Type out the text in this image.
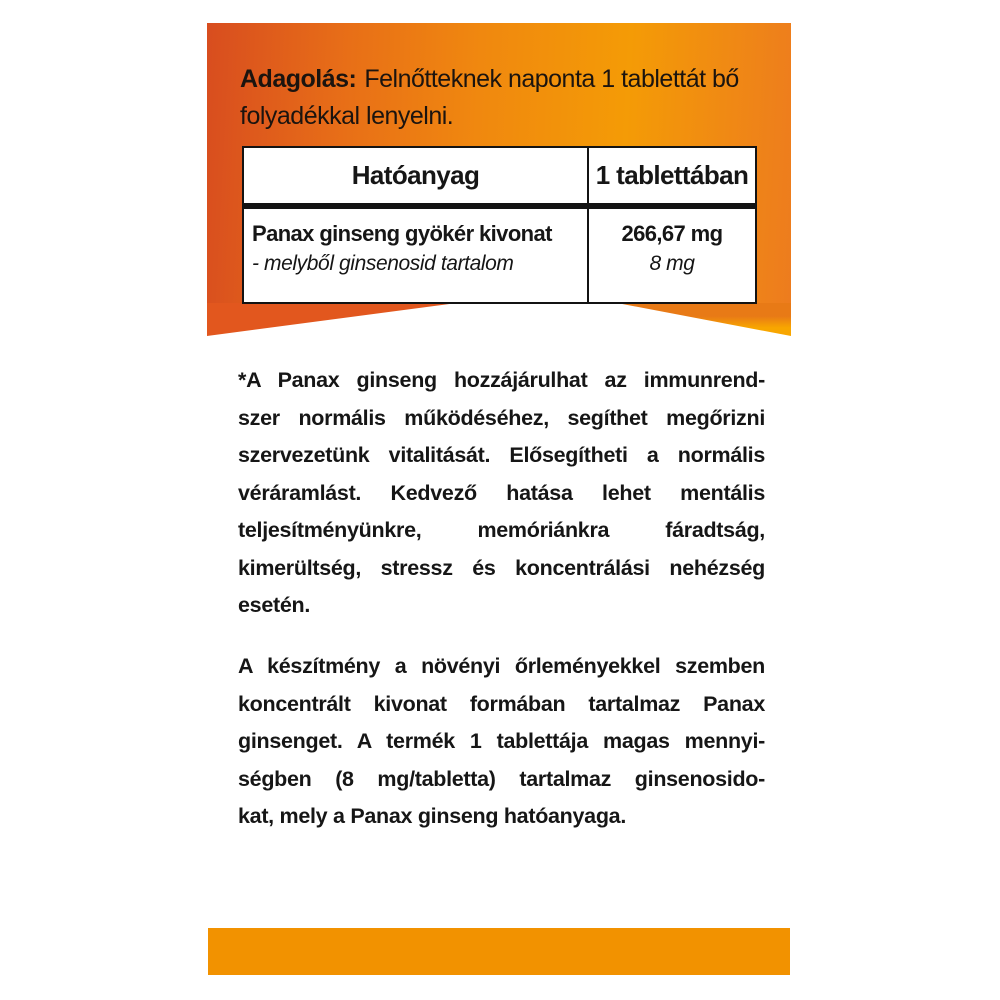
Adagolás: Felnőtteknek naponta 1 tablettát bő
folyadékkal lenyelni.
Hatóanyag	1 tablettában
Panax ginseng gyökér kivonat
- melyből ginsenosid tartalom
266,67 mg
8 mg
*A Panax ginseng hozzájárulhat az immunrend-
szer normális működéséhez, segíthet megőrizni
szervezetünk vitalitását. Elősegítheti a normális
véráramlást. Kedvező hatása lehet mentális
teljesítményünkre, memóriánkra fáradtság,
kimerültség, stressz és koncentrálási nehézség
esetén.
A készítmény a növényi őrleményekkel szemben
koncentrált kivonat formában tartalmaz Panax
ginsenget. A termék 1 tablettája magas mennyi-
ségben (8 mg/tabletta) tartalmaz ginsenosido-
kat, mely a Panax ginseng hatóanyaga.
